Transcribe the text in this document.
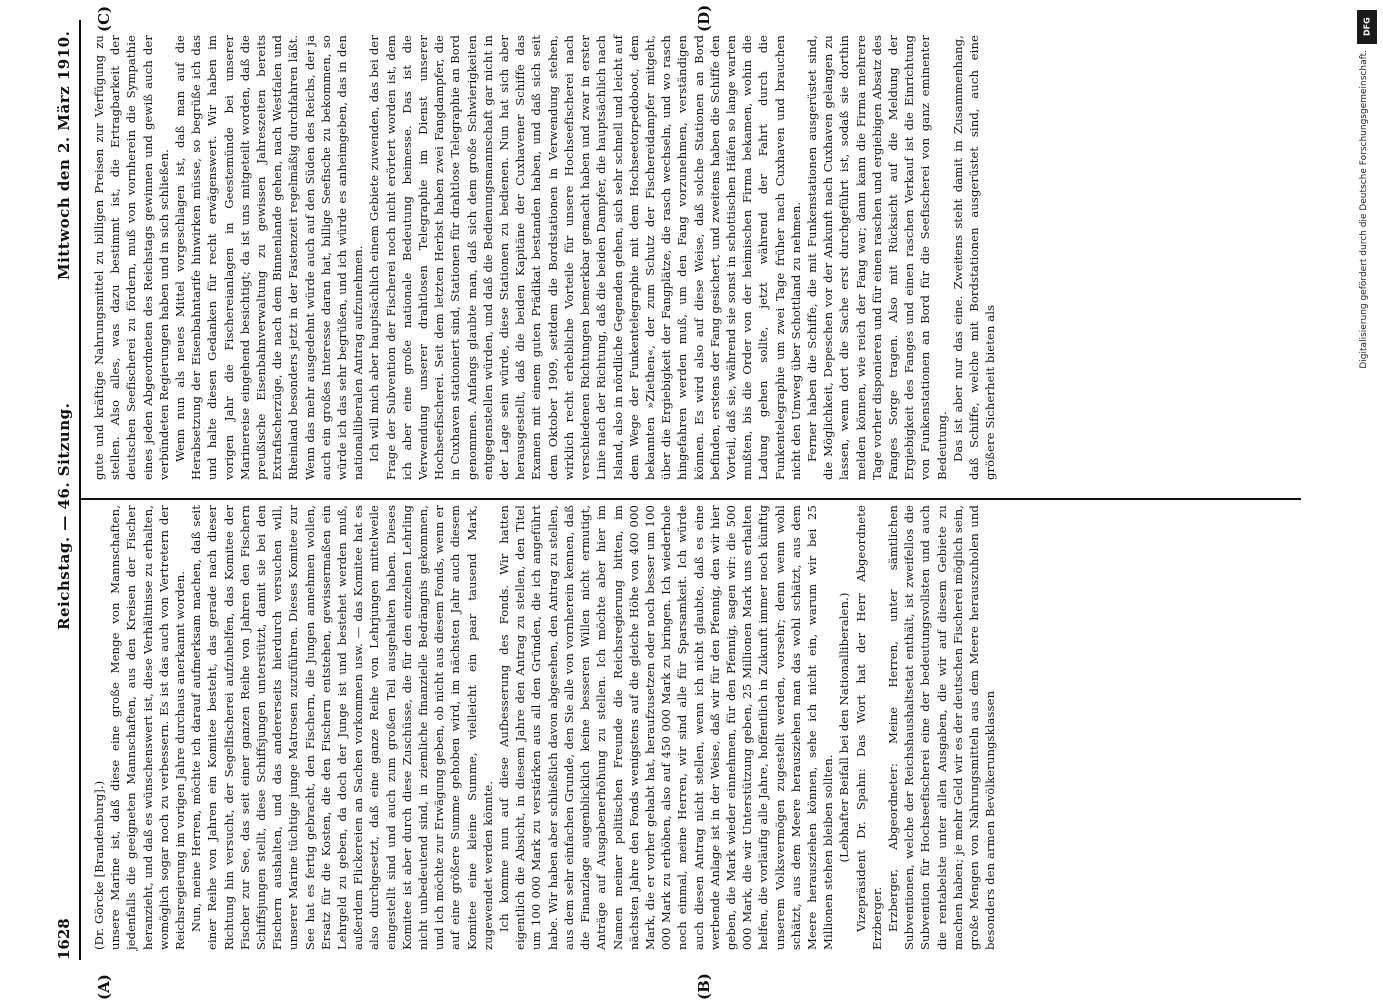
1628
Reichstag. — 46. Sitzung.
Mittwoch den 2. März 1910.
(A)	(B)
(C)	(D)

(Dr. Görcke [Brandenburg].) unsere Marine ist, daß diese eine große Menge von Mannschaften, jedenfalls die geeigneten Mannschaften, aus den Kreisen der Fischer heranzieht, und daß es wünschenswert ist, diese Verhältnisse zu erhalten, womöglich sogar noch zu verbessern. Es ist das auch von Vertretern der Reichsregierung im vorigen Jahre durchaus anerkannt worden. Nun, meine Herren, möchte ich darauf aufmerksam machen, daß seit einer Reihe von Jahren ein Komitee besteht, das gerade nach dieser Richtung hin versucht, der Segelfischerei aufzuhelfen, das Komitee der Fischer zur See, das seit einer ganzen Reihe von Jahren den Fischern Schiffsjungen stellt, diese Schiffsjungen unterstützt, damit sie bei den Fischern aushalten, und das andererseits hierdurch versuchen will, unserer Marine tüchtige junge Matrosen zuzuführen. Dieses Komitee zur See hat es fertig gebracht, den Fischern, die Jungen annehmen wollen, Ersatz für die Kosten, die den Fischern entstehen, gewissermaßen ein Lehrgeld zu geben, da doch der Junge ist und bestehet werden muß, außerdem Flickereien an Sachen vorkommen usw. — das Komitee hat es also durchgesetzt, daß eine ganze Reihe von Lehrjungen mittelweile eingestellt sind und auch zum großen Teil ausgehalten haben. Dieses Komitee ist aber durch diese Zuschüsse, die für den einzelnen Lehrling nicht unbedeutend sind, in ziemliche finanzielle Bedrängnis gekommen, und ich möchte zur Erwägung geben, ob nicht aus diesem Fonds, wenn er auf eine größere Summe gehoben wird, im nächsten Jahr auch diesem Komitee eine kleine Summe, vielleicht ein paar tausend Mark, zugewendet werden könnte. Ich komme nun auf diese Aufbesserung des Fonds. Wir hatten eigentlich die Absicht, in diesem Jahre den Antrag zu stellen, den Titel um 100 000 Mark zu verstärken aus all den Gründen, die ich angeführt habe. Wir haben aber schließlich davon abgesehen, den Antrag zu stellen, aus dem sehr einfachen Grunde, den Sie alle von vornherein kennen, daß die Finanzlage augenblicklich keine besseren Willen nicht ermutigt, Anträge auf Ausgabenerhöhung zu stellen. Ich möchte aber hier im Namen meiner politischen Freunde die Reichsregierung bitten, im nächsten Jahre den Fonds wenigstens auf die gleiche Höhe von 400 000 Mark, die er vorher gehabt hat, heraufzusetzen oder noch besser um 100 000 Mark zu erhöhen, also auf 450 000 Mark zu bringen. Ich wiederhole noch einmal, meine Herren, wir sind alle für Sparsamkeit. Ich würde auch diesen Antrag nicht stellen, wenn ich nicht glaubte, daß es eine werbende Anlage ist in der Weise, daß wir für den Pfennig, den wir hier geben, die Mark wieder einnehmen, für den Pfennig, sagen wir: die 500 000 Mark, die wir Unterstützung geben, 25 Millionen Mark uns erhalten helfen, die vorläufig alle Jahre, hoffentlich in Zukunft immer noch künftig unserem Volksvermögen zugestellt werden, vorsehr; denn wenn wohl schätzt, aus dem Meere herausziehen man das wohl schätzt, aus dem Meere herausziehen können, sehe ich nicht ein, warum wir bei 25 Millionen stehen bleiben sollten. (Lebhafter Beifall bei den Nationalliberalen.) Vizepräsident Dr. Spahn: Das Wort hat der Herr Abgeordnete Erzberger. Erzberger, Abgeordneter: Meine Herren, unter sämtlichen Subventionen, welche der Reichshaushaltsetat enthält, ist zweifellos die Subvention für Hochseefischerei eine der bedeutungsvollsten und auch die rentabelste unter allen Ausgaben, die wir auf diesem Gebiete zu machen haben; je mehr Geld wir es der deutschen Fischerei möglich sein, große Mengen von Nahrungsmitteln aus dem Meere herauszuholen und besonders den armen Bevölkerungsklassen

gute und kräftige Nahrungsmittel zu billigen Preisen zur Verfügung zu stellen. Also alles, was dazu bestimmt ist, die Ertragbarkeit der deutschen Seefischerei zu fördern, muß von vornherein die Sympathie eines jeden Abgeordneten des Reichstags gewinnen und gewiß auch der verbündeten Regierungen haben und in sich schließen. Wenn nun als neues Mittel vorgeschlagen ist, daß man auf die Herabsetzung der Eisenbahntarife hinwirken müsse, so begrüße ich das und halte diesen Gedanken für recht erwägenswert. Wir haben im vorigen Jahr die Fischereianlagen in Geestemünde bei unserer Marinereise eingehend besichtigt; da ist uns mitgeteilt worden, daß die preußische Eisenbahnverwaltung zu gewissen Jahreszeiten bereits Extrafischerzüge, die nach dem Binnenlande gehen, nach Westfalen und Rheinland besonders jetzt in der Fastenzeit regelmäßig durchfahren läßt. Wenn das mehr ausgedehnt würde auch auf den Süden des Reichs, der ja auch ein großes Interesse daran hat, billige Seefische zu bekommen, so würde ich das sehr begrüßen, und ich würde es anheimgeben, das in den nationalliberalen Antrag aufzunehmen. Ich will mich aber hauptsächlich einem Gebiete zuwenden, das bei der Frage der Subvention der Fischerei noch nicht erörtert worden ist, dem ich aber eine große nationale Bedeutung beimesse. Das ist die Verwendung unserer drahtlosen Telegraphie im Dienst unserer Hochseefischerei. Seit dem letzten Herbst haben zwei Fangdampfer, die in Cuxhaven stationiert sind, Stationen für drahtlose Telegraphie an Bord genommen. Anfangs glaubte man, daß sich dem große Schwierigkeiten entgegenstellen würden, und daß die Bedienungsmannschaft gar nicht in der Lage sein würde, diese Stationen zu bedienen. Nun hat sich aber herausgestellt, daß die beiden Kapitäne der Cuxhavener Schiffe das Examen mit einem guten Prädikat bestanden haben, und daß sich seit dem Oktober 1909, seitdem die Bordstationen in Verwendung stehen, wirklich recht erhebliche Vorteile für unsere Hochseefischerei nach verschiedenen Richtungen bemerkbar gemacht haben und zwar in erster Linie nach der Richtung, daß die beiden Dampfer, die hauptsächlich nach Island, also in nördliche Gegenden gehen, sich sehr schnell und leicht auf dem Wege der Funkentelegraphie mit dem Hochseetorpedoboot, dem bekannten »Ziethen«, der zum Schutz der Fischereidampfer mitgeht, über die Ergiebigkeit der Fangplätze, die rasch wechseln, und wo rasch hingefahren werden muß, um den Fang vorzunehmen, verständigen können. Es wird also auf diese Weise, daß solche Stationen an Bord befinden, erstens der Fang gesichert, und zweitens haben die Schiffe den Vorteil, daß sie, während sie sonst in schottischen Häfen so lange warten mußten, bis die Order von der heimischen Firma bekamen, wohin die Ladung gehen sollte, jetzt während der Fahrt durch die Funkentelegraphie um zwei Tage früher nach Cuxhaven und brauchen nicht den Umweg über Schottland zu nehmen. Ferner haben die Schiffe, die mit Funkenstationen ausgerüstet sind, die Möglichkeit, Depeschen vor der Ankunft nach Cuxhaven gelangen zu lassen, wenn dort die Sache erst durchgeführt ist, sodaß sie dorthin melden können, wie reich der Fang war; dann kann die Firma mehrere Tage vorher disponieren und für einen raschen und ergiebigen Absatz des Fanges Sorge tragen. Also mit Rücksicht auf die Meldung der Ergiebigkeit des Fanges und einen raschen Verkauf ist die Einrichtung von Funkenstationen an Bord für die Seefischerei von ganz eminenter Bedeutung. Das ist aber nur das eine. Zweitens steht damit in Zusammenhang, daß Schiffe, welche mit Bordstationen ausgerüstet sind, auch eine größere Sicherheit bieten als

DFG
Digitalisierung gefördert durch die Deutsche Forschungsgemeinschaft.
